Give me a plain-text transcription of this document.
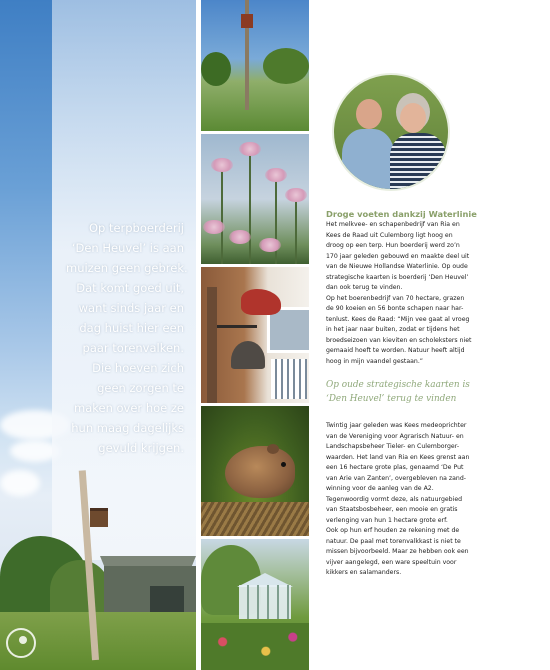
Op terpboerderij
‘Den Heuvel’ is aan
muizen geen gebrek.
Dat komt goed uit,
want sinds jaar en
dag huist hier een
paar torenvalken.
Die hoeven zich
geen zorgen te
maken over hoe ze
hun maag dagelijks
gevuld krijgen.

Droge voeten dankzij Waterlinie

Het melkvee- en schapenbedrijf van Ria en
Kees de Raad uit Culemborg ligt hoog en
droog op een terp. Hun boerderij werd zo’n
170 jaar geleden gebouwd en maakte deel uit
van de Nieuwe Hollandse Waterlinie. Op oude
strategische kaarten is boerderij ‘Den Heuvel’
dan ook terug te vinden.
Op het boerenbedrijf van 70 hectare, grazen
de 90 koeien en 56 bonte schapen naar har-
tenlust. Kees de Raad: “Mijn vee gaat al vroeg
in het jaar naar buiten, zodat er tijdens het
broedseizoen van kieviten en scholeksters niet
gemaaid hoeft te worden. Natuur heeft altijd
hoog in mijn vaandel gestaan.”

Op oude strategische kaarten is
‘Den Heuvel’ terug te vinden

Twintig jaar geleden was Kees medeoprichter
van de Vereniging voor Agrarisch Natuur- en
Landschapsbeheer Tieler- en Culemborger-
waarden. Het land van Ria en Kees grenst aan
een 16 hectare grote plas, genaamd ‘De Put
van Arie van Zanten’, overgebleven na zand-
winning voor de aanleg van de A2.
Tegenwoordig vormt deze, als natuurgebied
van Staatsbosbeheer, een mooie en gratis
verlenging van hun 1 hectare grote erf.
Ook op hun erf houden ze rekening met de
natuur. De paal met torenvalkkast is niet te
missen bijvoorbeeld. Maar ze hebben ook een
vijver aangelegd, een ware speeltuin voor
kikkers en salamanders.
